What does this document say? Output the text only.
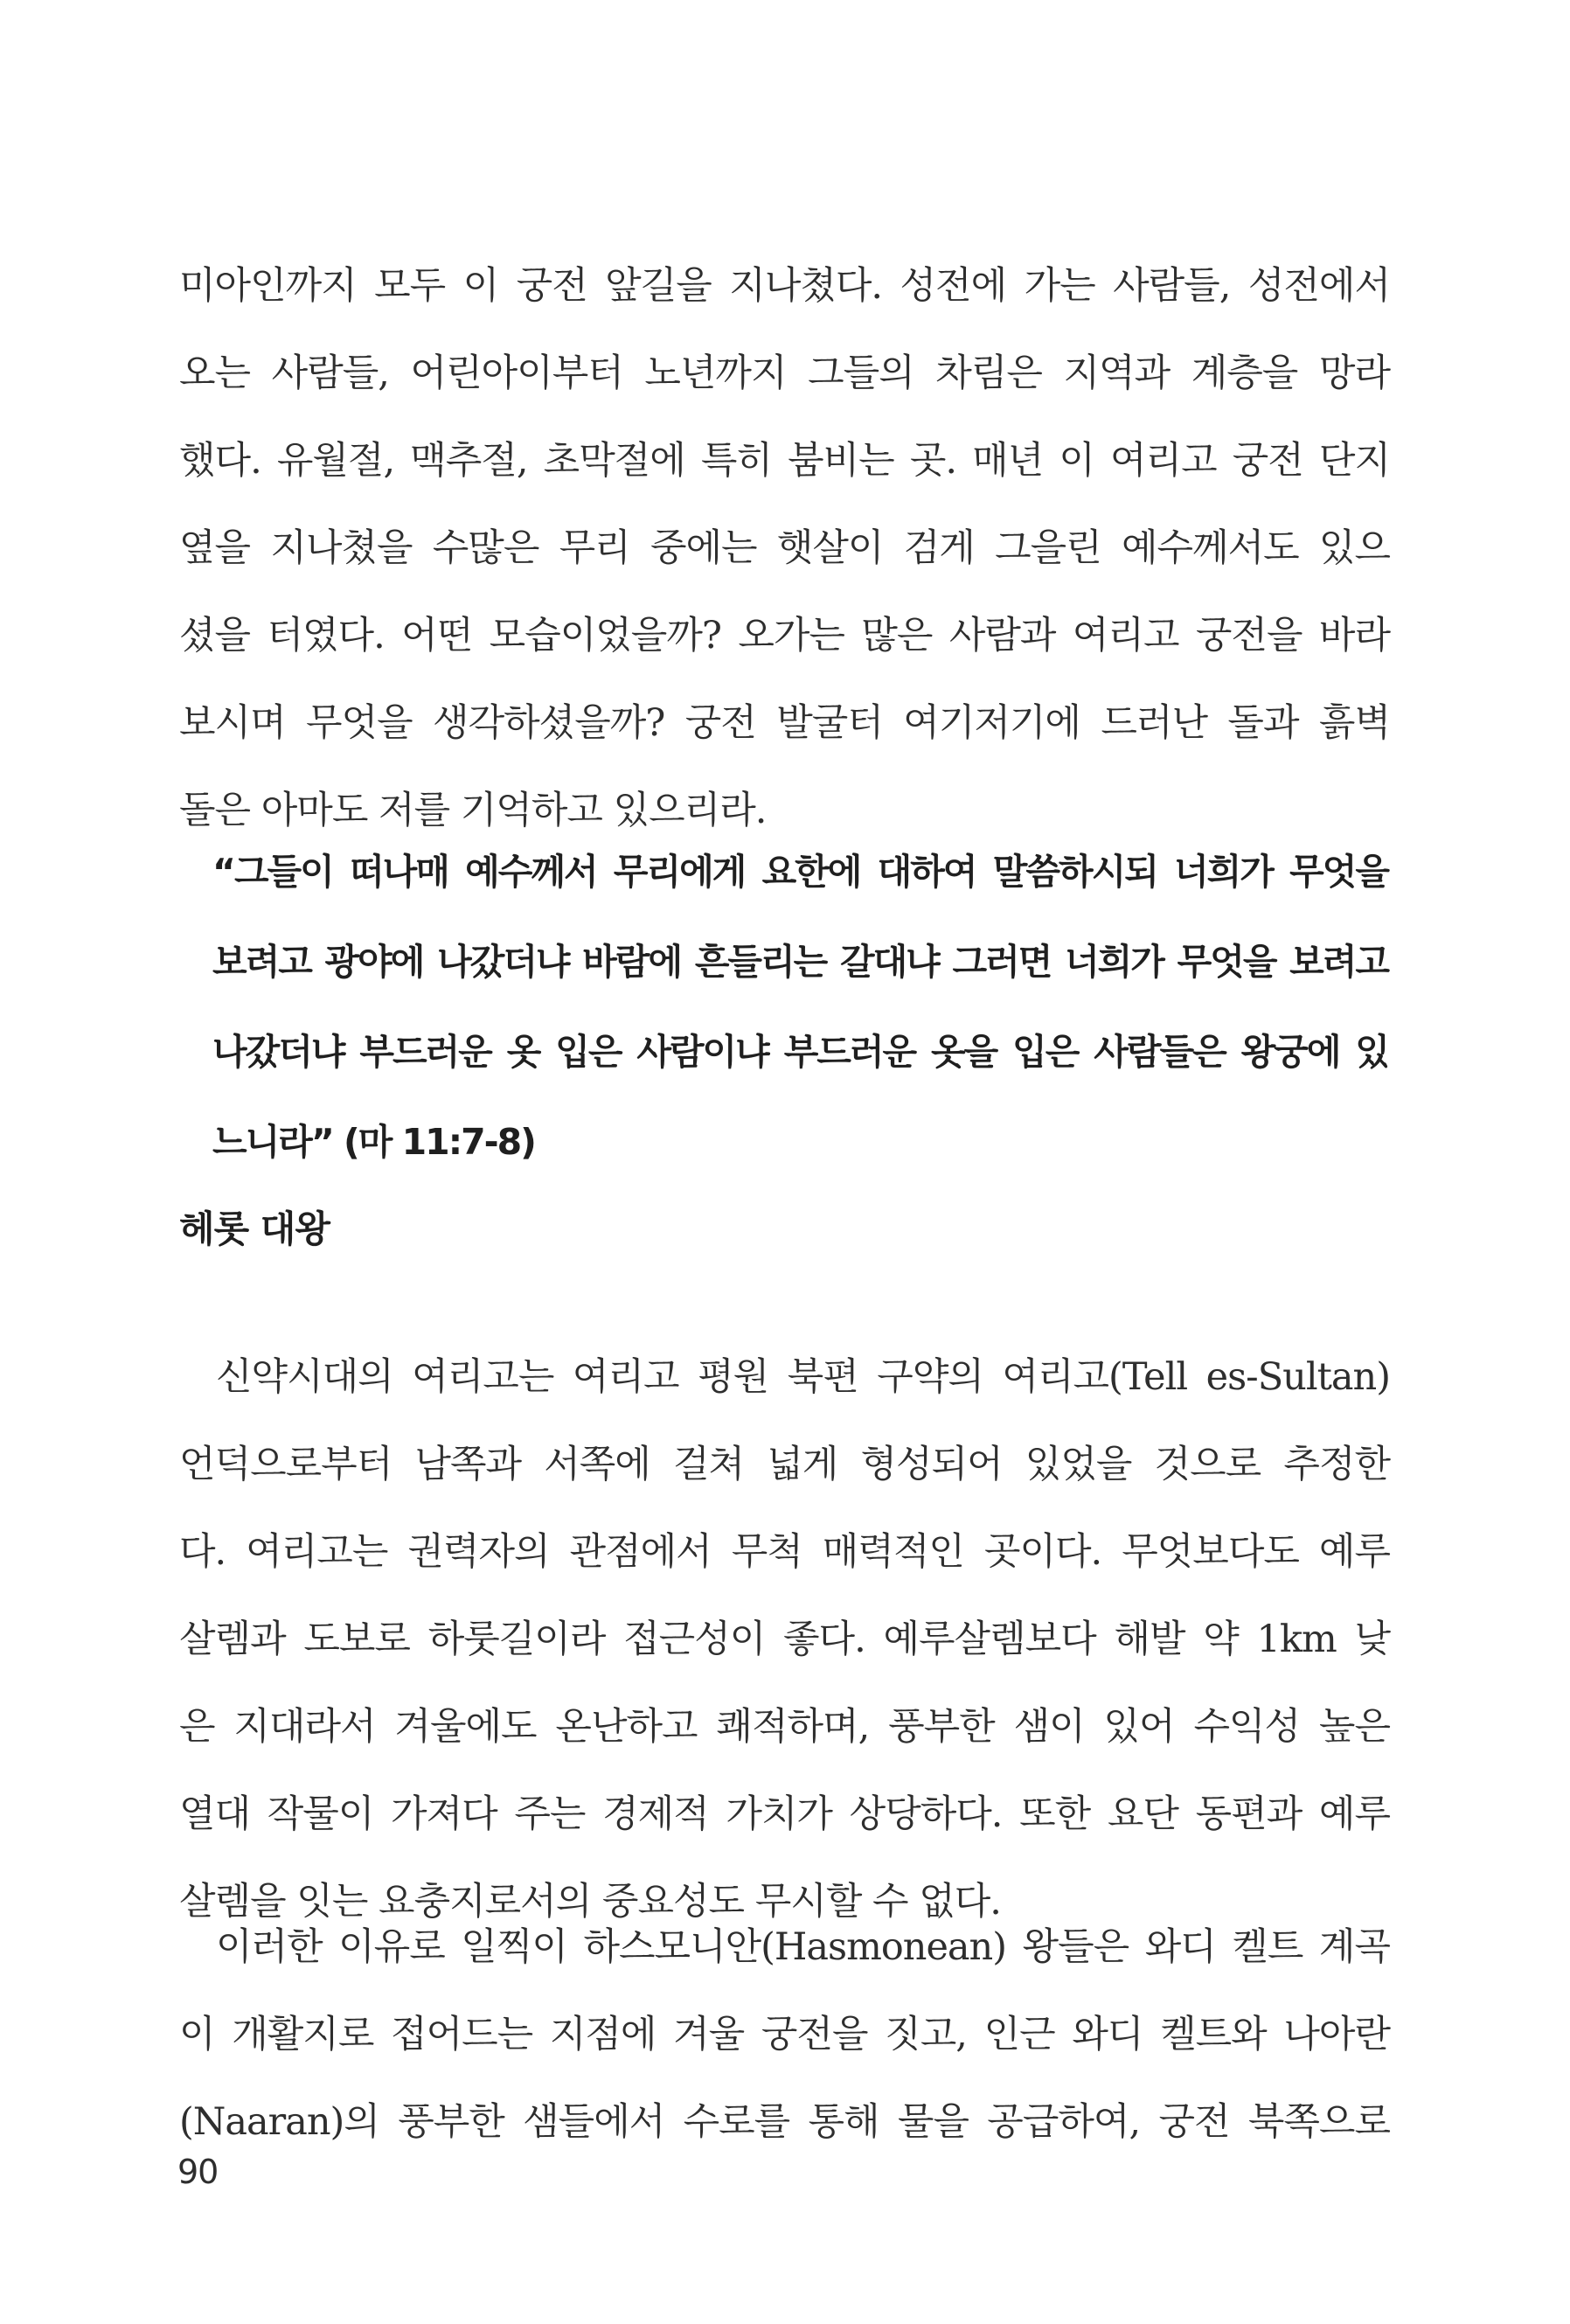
미아인까지 모두 이 궁전 앞길을 지나쳤다. 성전에 가는 사람들, 성전에서
오는 사람들, 어린아이부터 노년까지 그들의 차림은 지역과 계층을 망라
했다. 유월절, 맥추절, 초막절에 특히 붐비는 곳. 매년 이 여리고 궁전 단지
옆을 지나쳤을 수많은 무리 중에는 햇살이 검게 그을린 예수께서도 있으
셨을 터였다. 어떤 모습이었을까? 오가는 많은 사람과 여리고 궁전을 바라
보시며 무엇을 생각하셨을까? 궁전 발굴터 여기저기에 드러난 돌과 흙벽
돌은 아마도 저를 기억하고 있으리라.
“그들이 떠나매 예수께서 무리에게 요한에 대하여 말씀하시되 너희가 무엇을
보려고 광야에 나갔더냐 바람에 흔들리는 갈대냐 그러면 너희가 무엇을 보려고
나갔더냐 부드러운 옷 입은 사람이냐 부드러운 옷을 입은 사람들은 왕궁에 있
느니라” (마 11:7-8)
헤롯 대왕
신약시대의 여리고는 여리고 평원 북편 구약의 여리고(Tell es-Sultan)
언덕으로부터 남쪽과 서쪽에 걸쳐 넓게 형성되어 있었을 것으로 추정한
다. 여리고는 권력자의 관점에서 무척 매력적인 곳이다. 무엇보다도 예루
살렘과 도보로 하룻길이라 접근성이 좋다. 예루살렘보다 해발 약 1km 낮
은 지대라서 겨울에도 온난하고 쾌적하며, 풍부한 샘이 있어 수익성 높은
열대 작물이 가져다 주는 경제적 가치가 상당하다. 또한 요단 동편과 예루
살렘을 잇는 요충지로서의 중요성도 무시할 수 없다.
이러한 이유로 일찍이 하스모니안(Hasmonean) 왕들은 와디 켈트 계곡
이 개활지로 접어드는 지점에 겨울 궁전을 짓고, 인근 와디 켈트와 나아란
(Naaran)의 풍부한 샘들에서 수로를 통해 물을 공급하여, 궁전 북쪽으로
90
